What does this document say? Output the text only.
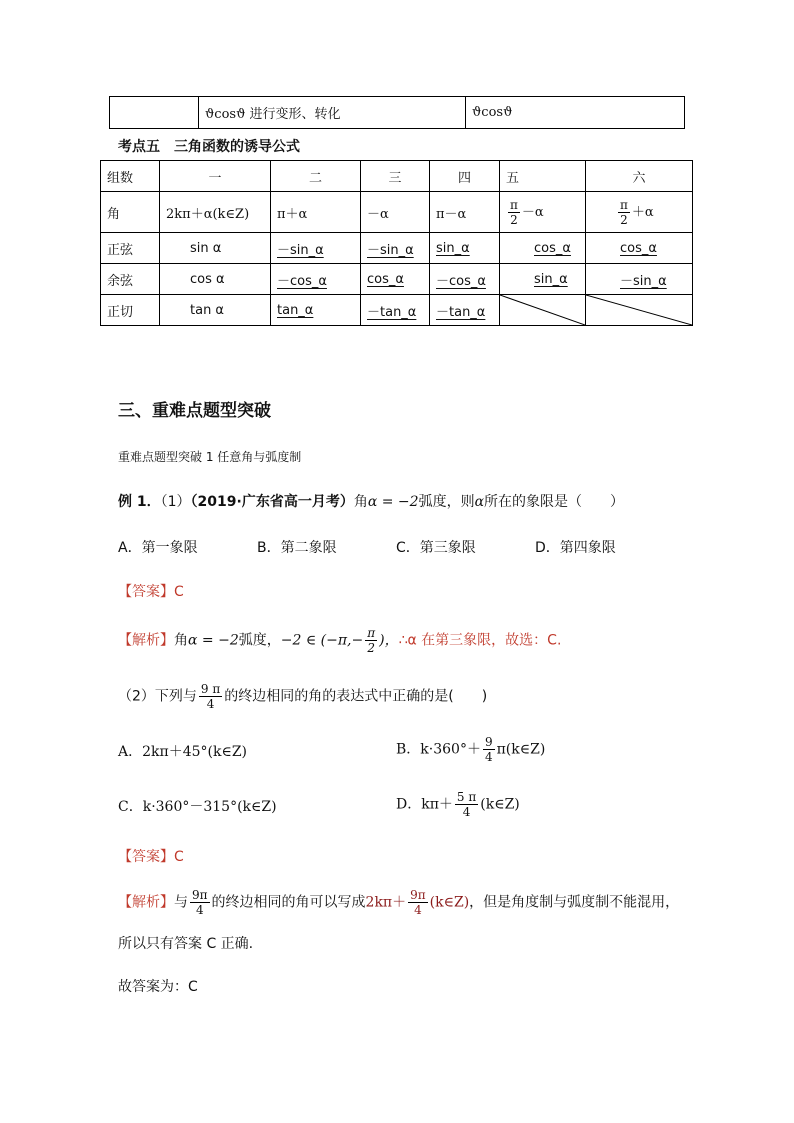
	ϑcosϑ 进行变形、转化	ϑcosϑ
考点五　三角函数的诱导公式
组数	一	二	三	四	五	六
角	2kπ＋α(k∈Z)	π＋α	－α	π－α	$\frac{\pi}{2} -\alpha$	$\frac{\pi}{2} +\alpha$
正弦	sin α	－sin_α	－sin_α	sin_α	cos_α	cos_α
余弦	cos α	－cos_α	cos_α	－cos_α	sin_α	－sin_α
正切	tan α	tan_α	－tan_α	－tan_α	

三、重难点题型突破
重难点题型突破 1 任意角与弧度制
例 1．（1）（2019·广东省高一月考）角α = −2弧度，则α所在的象限是（　　）
A．第一象限	B．第二象限	C．第三象限	D．第四象限
【答案】C
【解析】角α = −2弧度，−2 ∈ ($-\pi,- \frac{\pi}{2}$ )，∴α 在第三象限，故选：C.
（2）下列与 $\frac{9 \pi}{4}$ 的终边相同的角的表达式中正确的是(　　)
A．2kπ＋45°(k∈Z)	B．$k\cdot 360^\circ+ \frac{9}{4}$ π(k∈Z)
C．k·360°－315°(k∈Z)	D．$k\pi+ \frac{5 \pi}{4}$ (k∈Z)
【答案】C
【解析】与 $\frac{9\pi}{4}$ 的终边相同的角可以写成$2k\pi+ \frac{9\pi}{4}$ (k∈Z)，但是角度制与弧度制不能混用，
所以只有答案 C 正确.
故答案为：C
